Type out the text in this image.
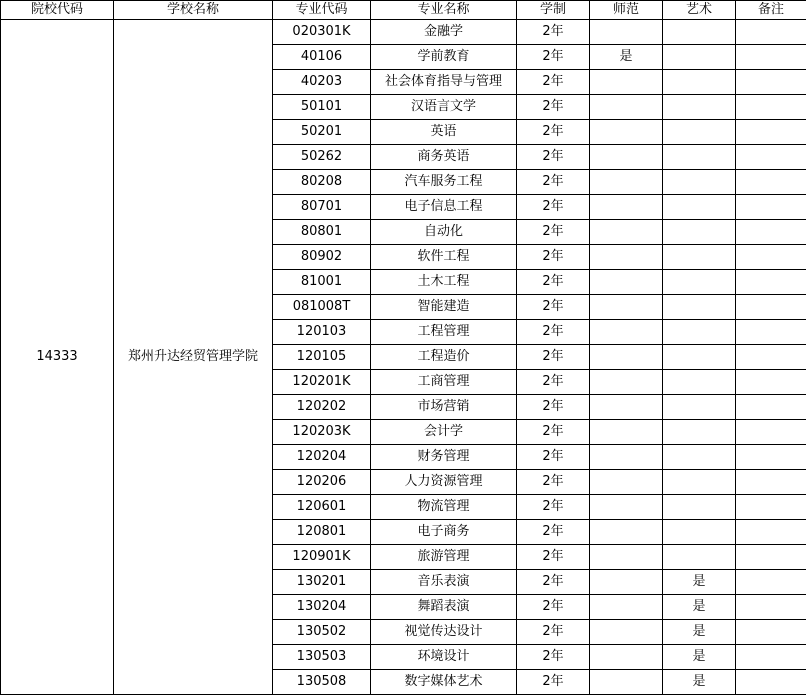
院校代码	学校名称	专业代码	专业名称	学制	师范	艺术	备注
14333	郑州升达经贸管理学院	020301K	金融学	2年			
		40106	学前教育	2年	是		
		40203	社会体育指导与管理	2年			
		50101	汉语言文学	2年			
		50201	英语	2年			
		50262	商务英语	2年			
		80208	汽车服务工程	2年			
		80701	电子信息工程	2年			
		80801	自动化	2年			
		80902	软件工程	2年			
		81001	土木工程	2年			
		081008T	智能建造	2年			
		120103	工程管理	2年			
		120105	工程造价	2年			
		120201K	工商管理	2年			
		120202	市场营销	2年			
		120203K	会计学	2年			
		120204	财务管理	2年			
		120206	人力资源管理	2年			
		120601	物流管理	2年			
		120801	电子商务	2年			
		120901K	旅游管理	2年			
		130201	音乐表演	2年		是	
		130204	舞蹈表演	2年		是	
		130502	视觉传达设计	2年		是	
		130503	环境设计	2年		是	
		130508	数字媒体艺术	2年		是	
